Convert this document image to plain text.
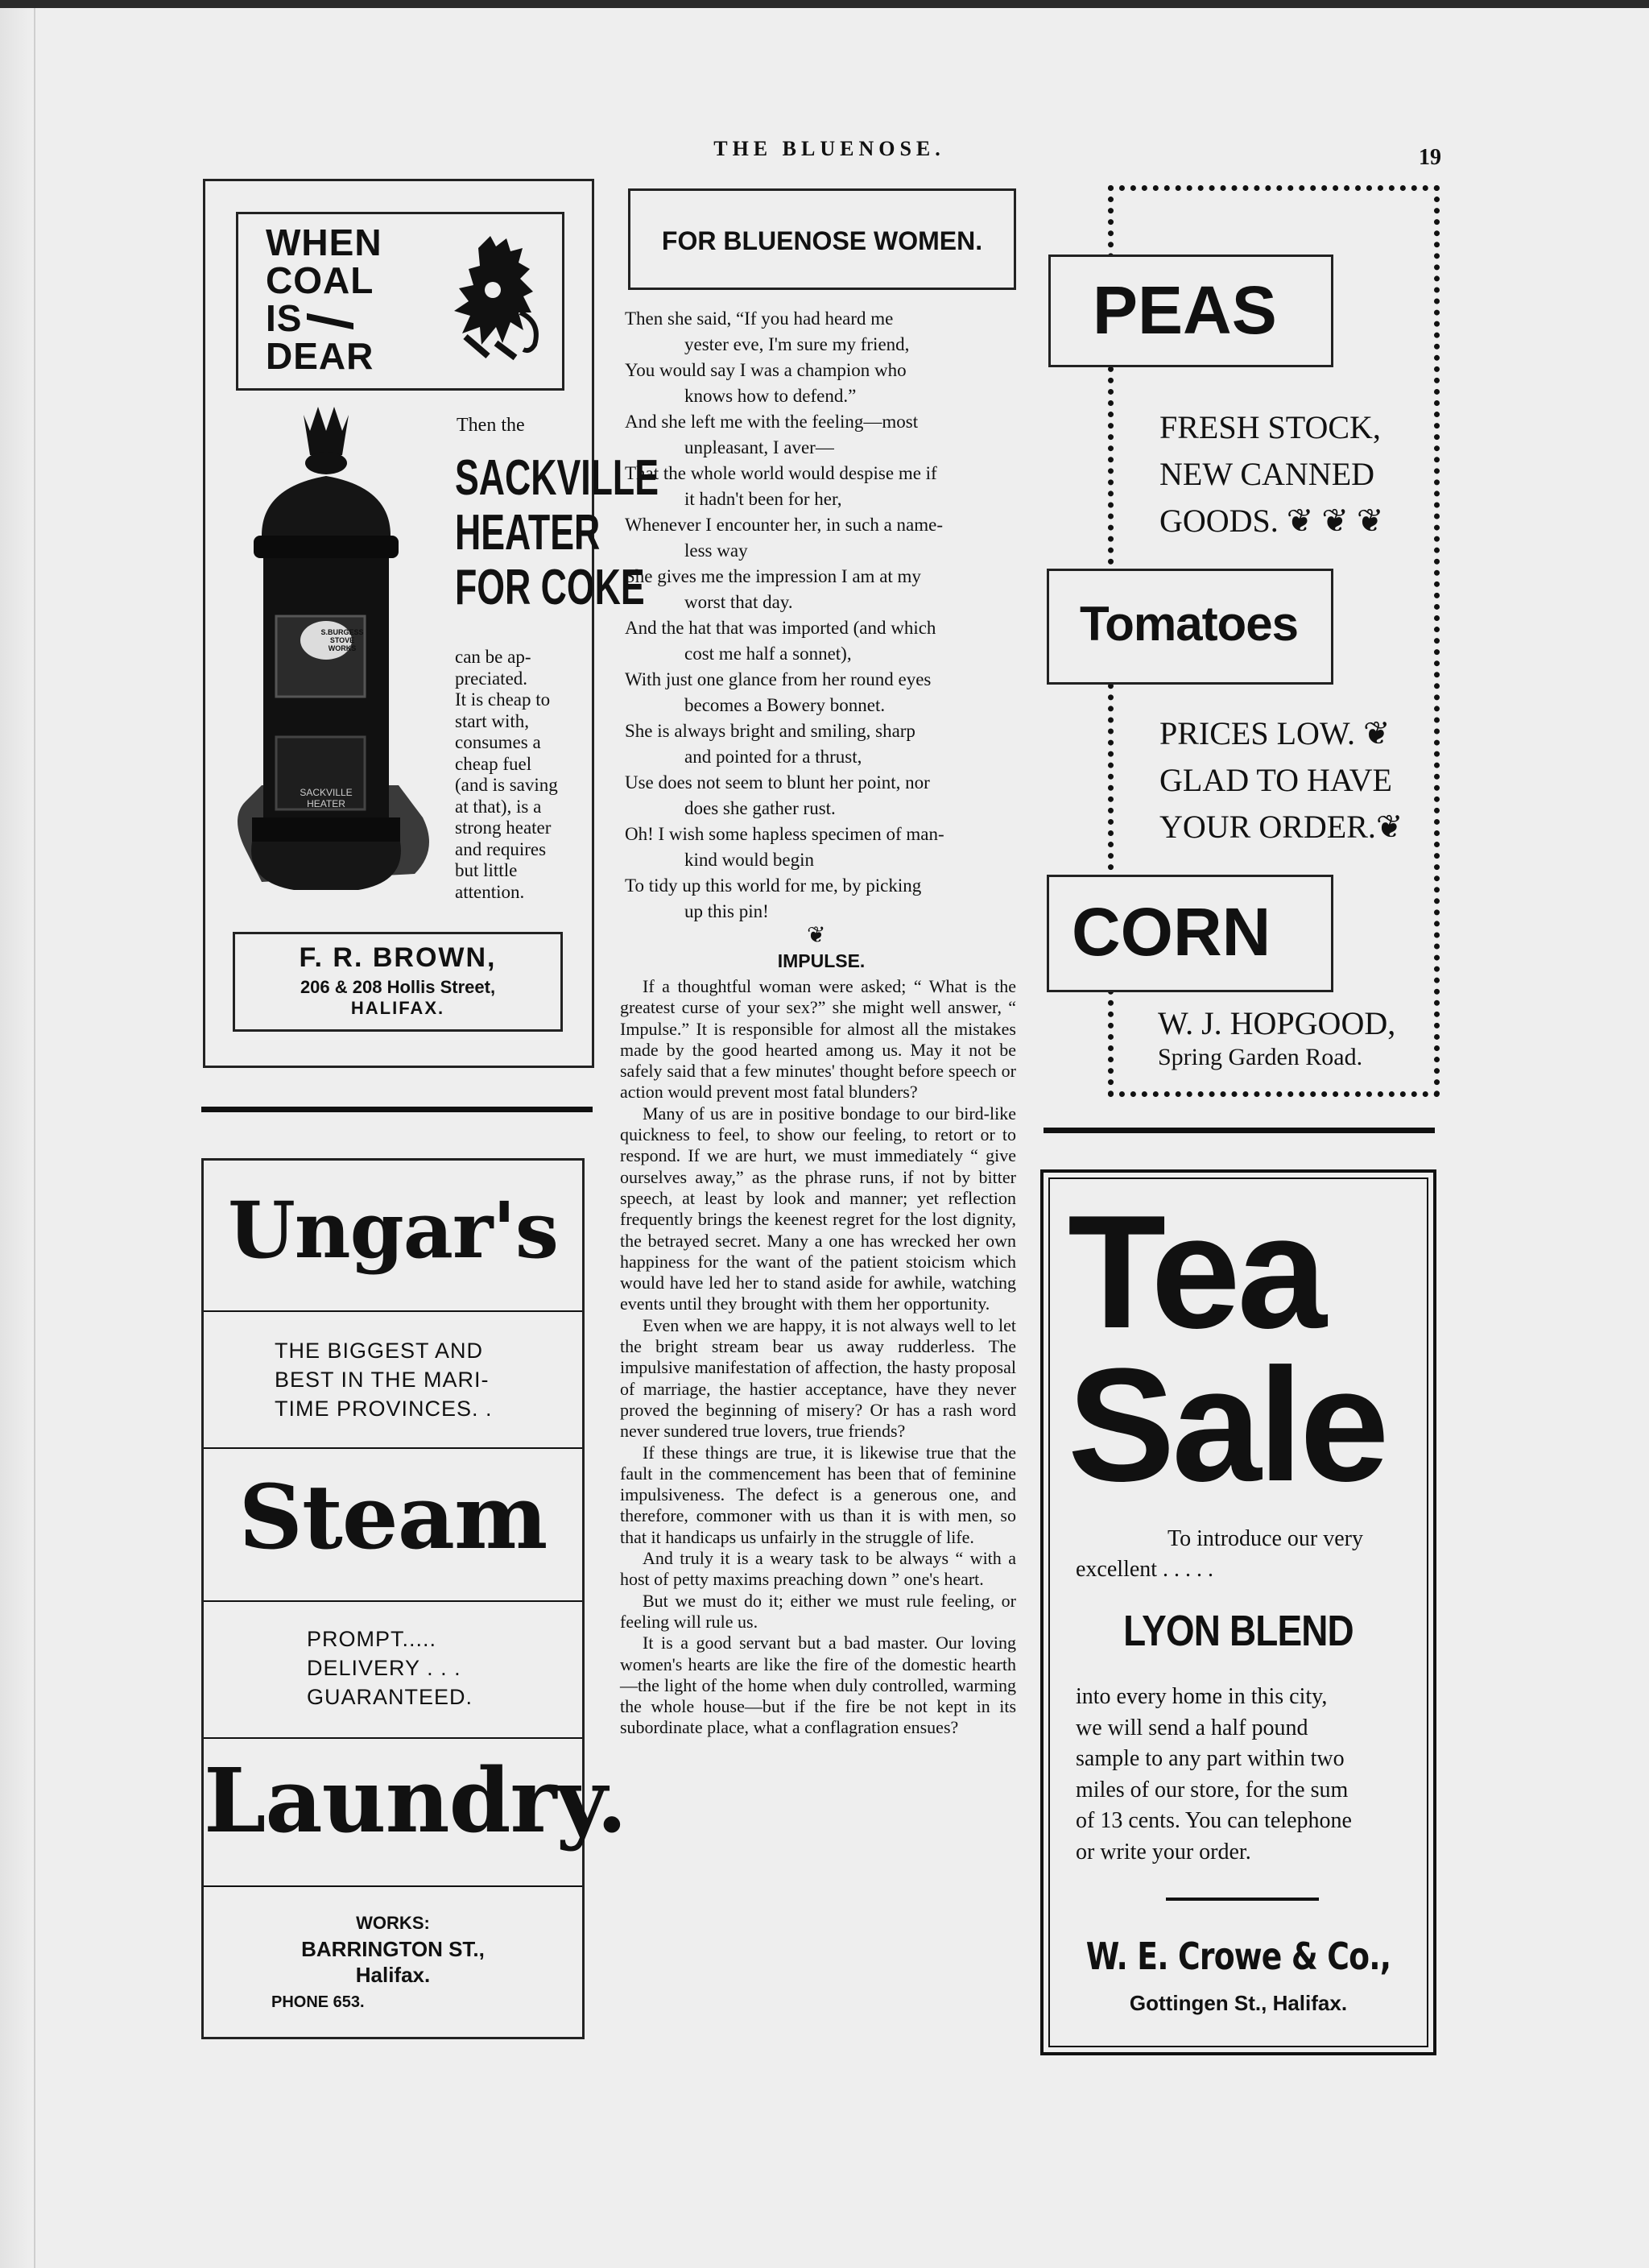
THE BLUENOSE.	19
WHEN
COAL
IS
DEAR
S.BURGESS
STOVE
WORKS
SACKVILLE
HEATER
Then the
SACKVILLE
HEATER
FOR COKE
can be ap-
preciated.
It is cheap to
start with,
consumes a
cheap fuel
(and is saving
at that), is a
strong heater
and requires
but little
attention.
F. R. BROWN,
206 & 208 Hollis Street,
HALIFAX.
Ungar's
THE BIGGEST AND
BEST IN THE MARI-
TIME PROVINCES. .
Steam
PROMPT.....
DELIVERY . . .
GUARANTEED.
Laundry.
WORKS:
BARRINGTON ST.,
Halifax.
PHONE 653.
FOR BLUENOSE WOMEN.

Then she said, “If you had heard me
yester eve, I'm sure my friend,

You would say I was a champion who
knows how to defend.”

And she left me with the feeling—most
unpleasant, I aver—

That the whole world would despise me if
it hadn't been for her,

Whenever I encounter her, in such a name-
less way

She gives me the impression I am at my
worst that day.

And the hat that was imported (and which
cost me half a sonnet),

With just one glance from her round eyes
becomes a Bowery bonnet.

She is always bright and smiling, sharp
and pointed for a thrust,

Use does not seem to blunt her point, nor
does she gather rust.

Oh! I wish some hapless specimen of man-
kind would begin

To tidy up this world for me, by picking
up this pin!

❦
IMPULSE.

If a thoughtful woman were asked; “ What is the greatest curse of your sex?” she might well answer, “ Impulse.” It is responsible for almost all the mistakes made by the good hearted among us. May it not be safely said that a few minutes' thought before speech or action would prevent most fatal blunders?

Many of us are in positive bondage to our bird-like quickness to feel, to show our feeling, to retort or to respond. If we are hurt, we must immediately “ give ourselves away,” as the phrase runs, if not by bitter speech, at least by look and manner; yet reflection frequently brings the keenest regret for the lost dignity, the betrayed secret. Many a one has wrecked her own happiness for the want of the patient stoicism which would have led her to stand aside for awhile, watching events until they brought with them her opportunity.

Even when we are happy, it is not always well to let the bright stream bear us away rudderless. The impulsive manifestation of affection, the hasty proposal of marriage, the hastier acceptance, have they never proved the beginning of misery? Or has a rash word never sundered true lovers, true friends?

If these things are true, it is likewise true that the fault in the commencement has been that of feminine impulsiveness. The defect is a generous one, and therefore, commoner with us than it is with men, so that it handicaps us unfairly in the struggle of life.

And truly it is a weary task to be always “ with a host of petty maxims preaching down ” one's heart.

But we must do it; either we must rule feeling, or feeling will rule us.

It is a good servant but a bad master. Our loving women's hearts are like the fire of the domestic hearth—the light of the home when duly controlled, warming the whole house—but if the fire be not kept in its subordinate place, what a conflagration ensues?

PEAS
FRESH STOCK,
NEW CANNED
GOODS. ❦ ❦ ❦
Tomatoes
PRICES LOW. ❦
GLAD TO HAVE
YOUR ORDER.❦
CORN
W. J. HOPGOOD,
Spring Garden Road.
Tea
Sale
To introduce our very
excellent . . . . .
LYON BLEND
into every home in this city,
we will send a half pound
sample to any part within two
miles of our store, for the sum
of 13 cents. You can telephone
or write your order.
W. E. Crowe & Co.,
Gottingen St., Halifax.
